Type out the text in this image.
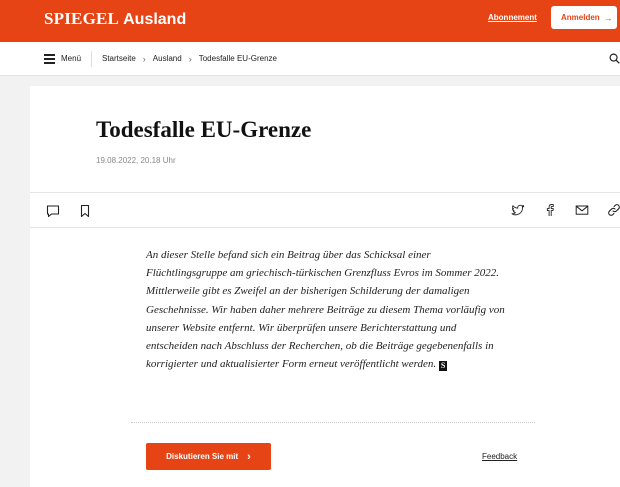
SPIEGEL Ausland	Abonnement	Anmelden →
Menü	Startseite › Ausland › Todesfalle EU-Grenze
Todesfalle EU-Grenze
19.08.2022, 20.18 Uhr

An dieser Stelle befand sich ein Beitrag über das Schicksal einer Flüchtlingsgruppe am griechisch-türkischen Grenzfluss Evros im Sommer 2022. Mittlerweile gibt es Zweifel an der bisherigen Schilderung der damaligen Geschehnisse. Wir haben daher mehrere Beiträge zu diesem Thema vorläufig von unserer Website entfernt. Wir überprüfen unsere Berichterstattung und entscheiden nach Abschluss der Recherchen, ob die Beiträge gegebenenfalls in korrigierter und aktualisierter Form erneut veröffentlicht werden. S

Diskutieren Sie mit ›	Feedback
